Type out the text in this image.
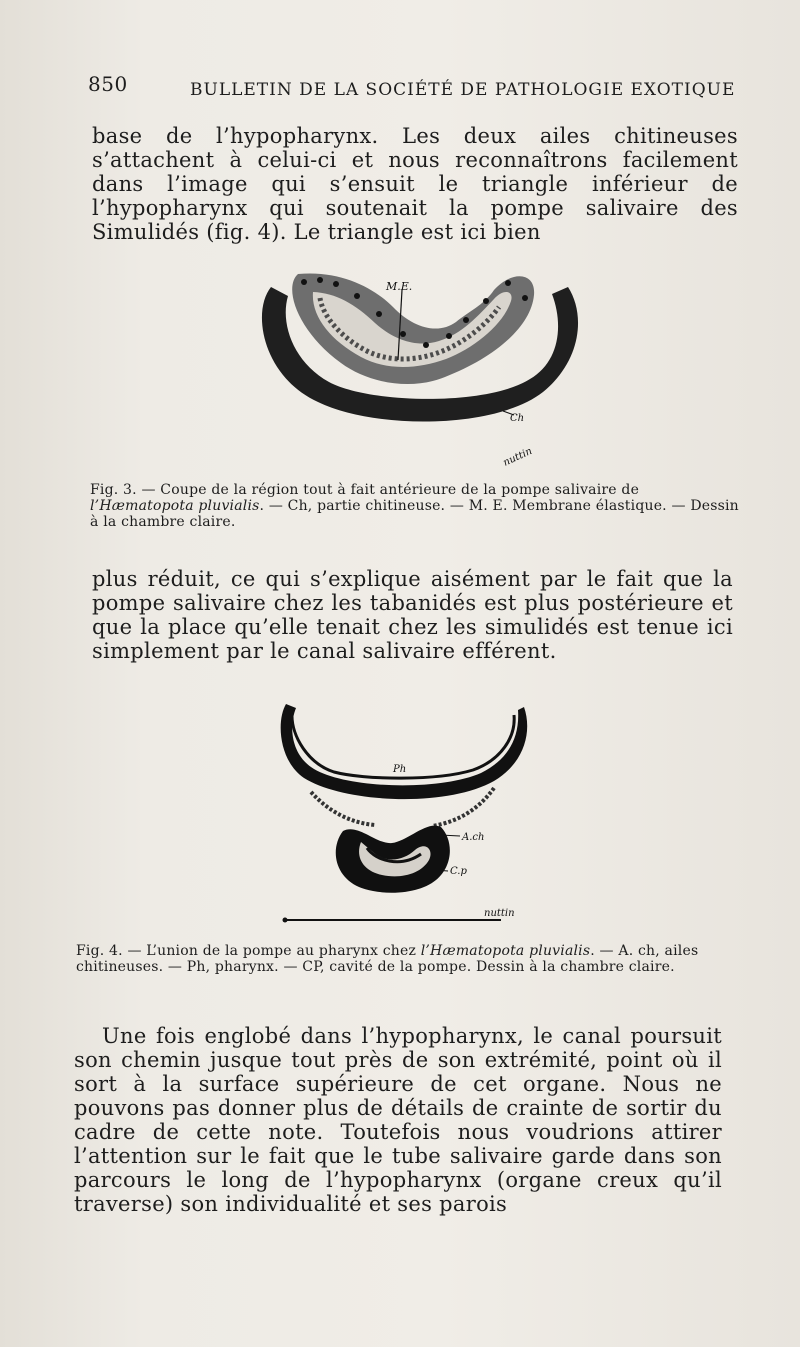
850	BULLETIN DE LA SOCIÉTÉ DE PATHOLOGIE EXOTIQUE

base de l’hypopharynx. Les deux ailes chitineuses s’attachent à celui-ci et nous reconnaîtrons facilement dans l’image qui s’ensuit le triangle inférieur de l’hypopharynx qui soutenait la pompe salivaire des Simulidés (fig. 4). Le triangle est ici bien

M.E.
Ch
nuttin
Fig. 3. — Coupe de la région tout à fait antérieure de la pompe salivaire de l’Hæmatopota pluvialis. — Ch, partie chitineuse. — M. E. Membrane élastique. — Dessin à la chambre claire.

plus réduit, ce qui s’explique aisément par le fait que la pompe salivaire chez les tabanidés est plus postérieure et que la place qu’elle tenait chez les simulidés est tenue ici simplement par le canal salivaire efférent.

Ph
A.ch
C.p
nuttin
Fig. 4. — L’union de la pompe au pharynx chez l’Hæmatopota pluvialis. — A. ch, ailes chitineuses. — Ph, pharynx. — CP, cavité de la pompe. Dessin à la chambre claire.

Une fois englobé dans l’hypopharynx, le canal poursuit son chemin jusque tout près de son extrémité, point où il sort à la surface supérieure de cet organe. Nous ne pouvons pas donner plus de détails de crainte de sortir du cadre de cette note. Toutefois nous voudrions attirer l’attention sur le fait que le tube salivaire garde dans son parcours le long de l’hypopharynx (organe creux qu’il traverse) son individualité et ses parois
